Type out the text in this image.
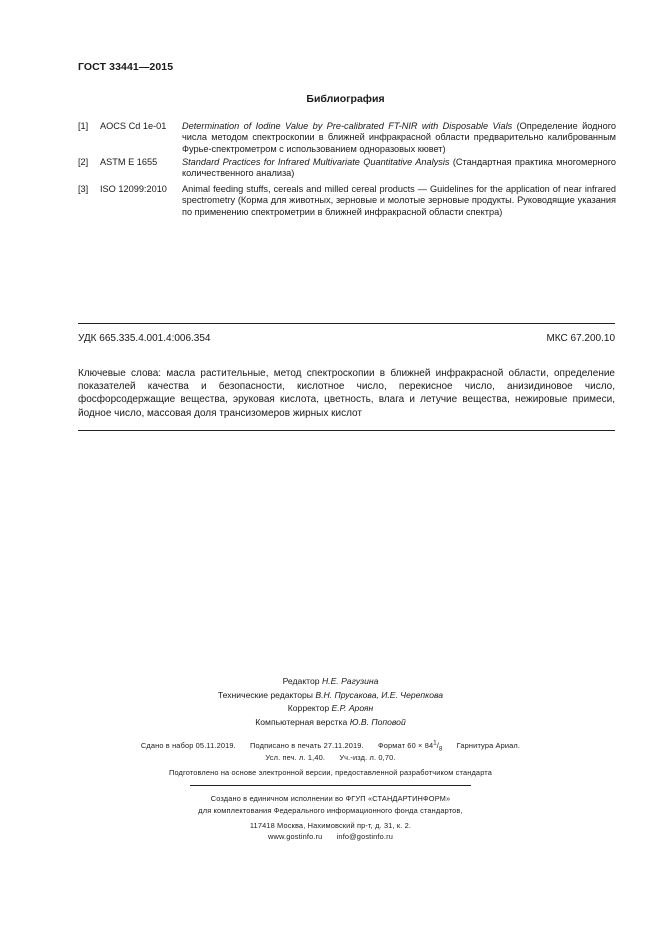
ГОСТ 33441—2015
Библиография
[1] AOCS Cd 1e-01 Determination of Iodine Value by Pre-calibrated FT-NIR with Disposable Vials (Определение йодного числа методом спектроскопии в ближней инфракрасной области предварительно калиброванным Фурье-спектрометром с использованием одноразовых кювет)
[2] ASTM E 1655	Standard Practices for Infrared Multivariate Quantitative Analysis (Стандартная практика многомерного количественного анализа)
[3] ISO 12099:2010 Animal feeding stuffs, cereals and milled cereal products — Guidelines for the application of near infrared spectrometry (Корма для животных, зерновые и молотые зерновые продукты. Руководящие указания по применению спектрометрии в ближней инфракрасной области спектра)
УДК 665.335.4.001.4:006.354	МКС 67.200.10
Ключевые слова: масла растительные, метод спектроскопии в ближней инфракрасной области, определение показателей качества и безопасности, кислотное число, перекисное число, анизидиновое число, фосфорсодержащие вещества, эруковая кислота, цветность, влага и летучие вещества, нежировые примеси, йодное число, массовая доля трансизомеров жирных кислот
Редактор Н.Е. Рагузина
Технические редакторы В.Н. Прусакова, И.Е. Черепкова
Корректор Е.Р. Ароян
Компьютерная верстка Ю.В. Поповой
Сдано в набор 05.11.2019. Подписано в печать 27.11.2019. Формат $60 \times 84^1/_8$ Гарнитура Ариал.
Усл. печ. л. 1,40. Уч.-изд. л. 0,70.
Подготовлено на основе электронной версии, предоставленной разработчиком стандарта
Создано в единичном исполнении во ФГУП «СТАНДАРТИНФОРМ»
для комплектования Федерального информационного фонда стандартов,
117418 Москва, Нахимовский пр-т, д. 31, к. 2.
www.gostinfo.ru info@gostinfo.ru
